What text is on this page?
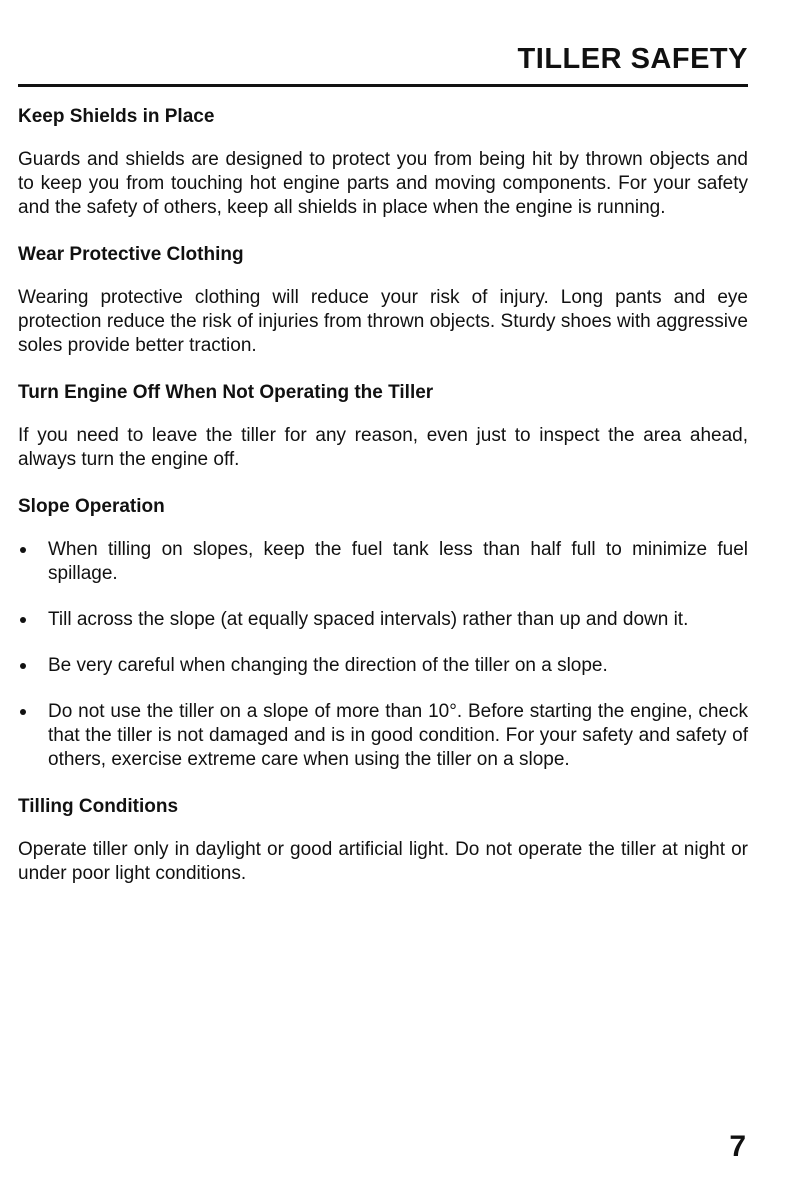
TILLER SAFETY
Keep Shields in Place

Guards and shields are designed to protect you from being hit by thrown objects and to keep you from touching hot engine parts and moving components. For your safety and the safety of others, keep all shields in place when the engine is running.

Wear Protective Clothing

Wearing protective clothing will reduce your risk of injury. Long pants and eye protection reduce the risk of injuries from thrown objects. Sturdy shoes with aggressive soles provide better traction.

Turn Engine Off When Not Operating the Tiller

If you need to leave the tiller for any reason, even just to inspect the area ahead, always turn the engine off.

Slope Operation
When tilling on slopes, keep the fuel tank less than half full to minimize fuel spillage.
Till across the slope (at equally spaced intervals) rather than up and down it.
Be very careful when changing the direction of the tiller on a slope.
Do not use the tiller on a slope of more than 10°. Before starting the engine, check that the tiller is not damaged and is in good condition. For your safety and safety of others, exercise extreme care when using the tiller on a slope.
Tilling Conditions

Operate tiller only in daylight or good artificial light. Do not operate the tiller at night or under poor light conditions.

7
